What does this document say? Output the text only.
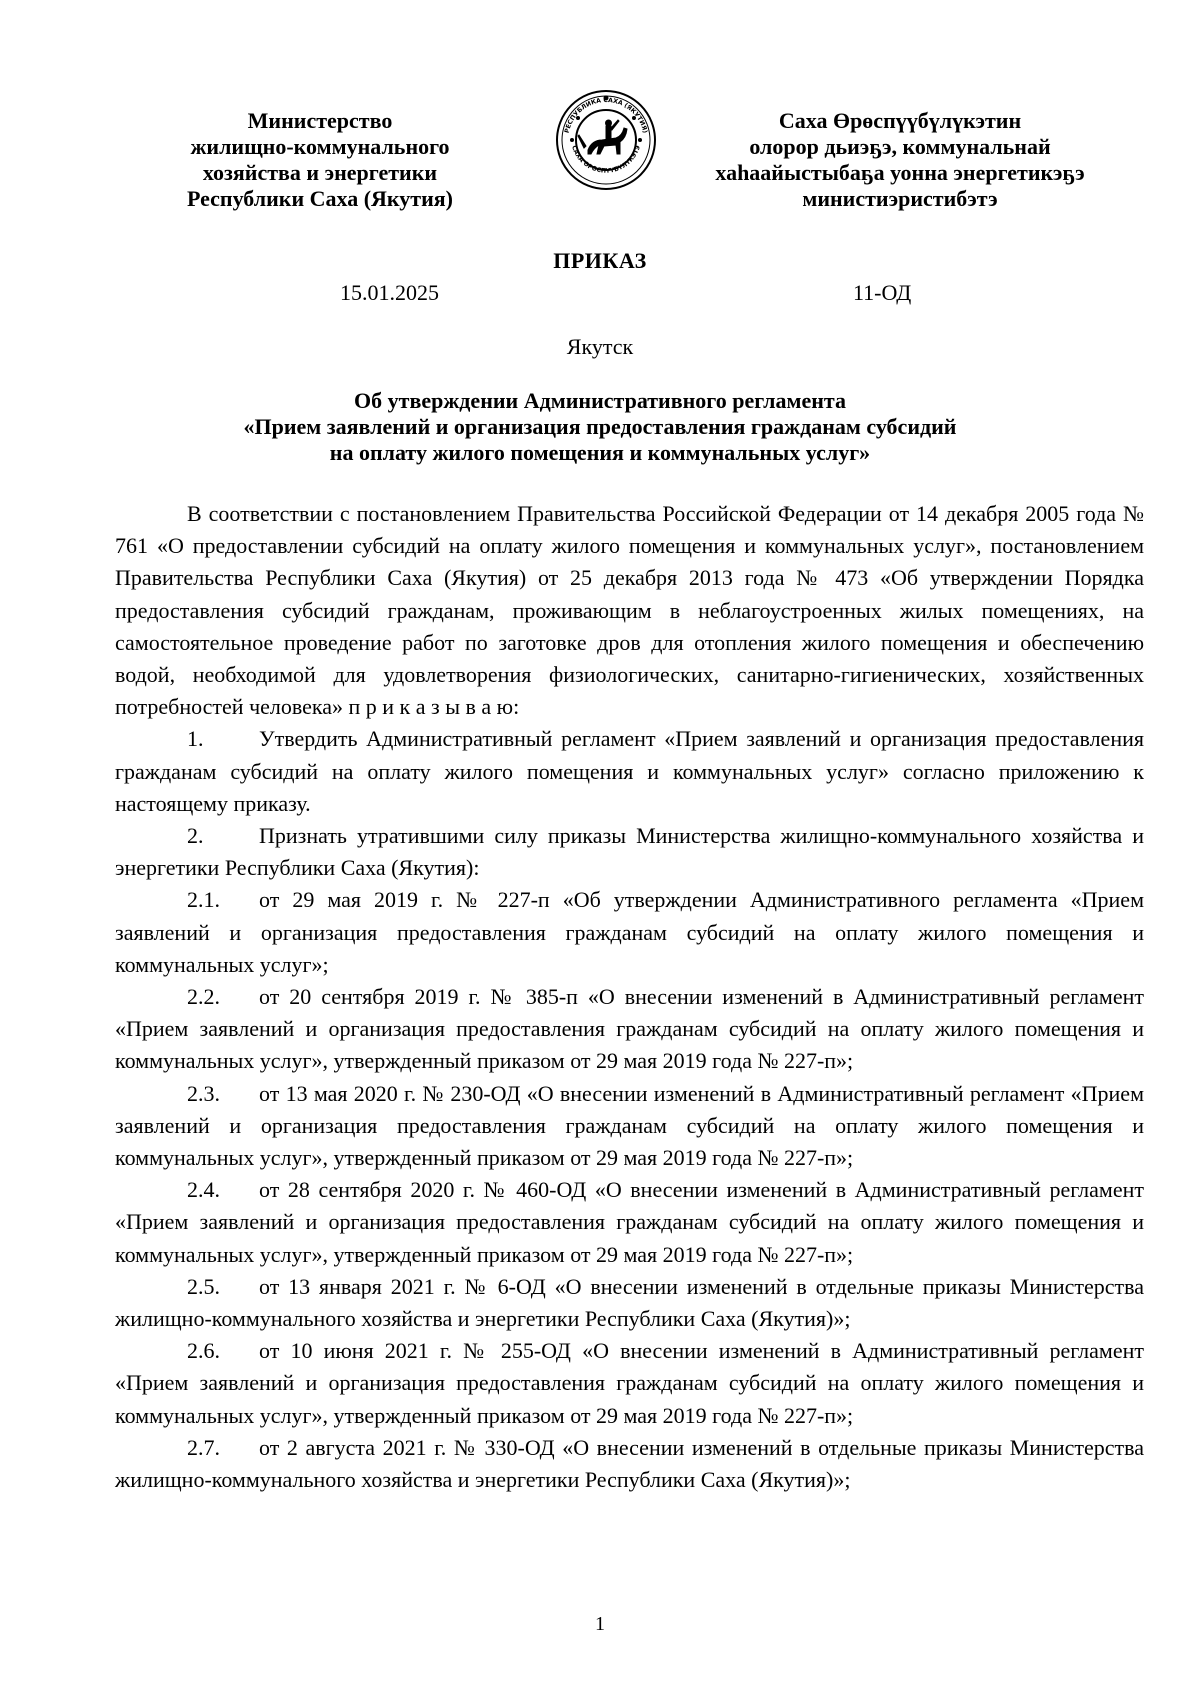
Министерство
жилищно-коммунального
хозяйства и энергетики
Республики Саха (Якутия)
РЕСПУБЛИКА САХА (ЯКУТИЯ)
САХА ӨРӨСПҮҮБҮЛҮКЭТЭ
Саха Өрөспүүбүлүкэтин
олорор дьиэҕэ, коммунальнай
хаһаайыстыбаҕа уонна энергетикэҕэ
министиэристибэтэ
ПРИКАЗ
15.01.2025	11-ОД
Якутск
Об утверждении Административного регламента
«Прием заявлений и организация предоставления гражданам субсидий
на оплату жилого помещения и коммунальных услуг»

В соответствии с постановлением Правительства Российской Федерации от 14 декабря 2005 года № 761 «О предоставлении субсидий на оплату жилого помещения и коммунальных услуг», постановлением Правительства Республики Саха (Якутия) от 25 декабря 2013 года № 473 «Об утверждении Порядка предоставления субсидий гражданам, проживающим в неблагоустроенных жилых помещениях, на самостоятельное проведение работ по заготовке дров для отопления жилого помещения и обеспечению водой, необходимой для удовлетворения физиологических, санитарно-гигиенических, хозяйственных потребностей человека» п р и к а з ы в а ю:

1.	Утвердить Административный регламент «Прием заявлений и организация предоставления гражданам субсидий на оплату жилого помещения и коммунальных услуг» согласно приложению к настоящему приказу.

2.	Признать утратившими силу приказы Министерства жилищно-коммунального хозяйства и энергетики Республики Саха (Якутия):

2.1. от 29 мая 2019 г. № 227-п «Об утверждении Административного регламента «Прием заявлений и организация предоставления гражданам субсидий на оплату жилого помещения и коммунальных услуг»;

2.2. от 20 сентября 2019 г. № 385-п «О внесении изменений в Административный регламент «Прием заявлений и организация предоставления гражданам субсидий на оплату жилого помещения и коммунальных услуг», утвержденный приказом от 29 мая 2019 года № 227-п»;

2.3. от 13 мая 2020 г. № 230-ОД «О внесении изменений в Административный регламент «Прием заявлений и организация предоставления гражданам субсидий на оплату жилого помещения и коммунальных услуг», утвержденный приказом от 29 мая 2019 года № 227-п»;

2.4. от 28 сентября 2020 г. № 460-ОД «О внесении изменений в Административный регламент «Прием заявлений и организация предоставления гражданам субсидий на оплату жилого помещения и коммунальных услуг», утвержденный приказом от 29 мая 2019 года № 227-п»;

2.5. от 13 января 2021 г. № 6-ОД «О внесении изменений в отдельные приказы Министерства жилищно-коммунального хозяйства и энергетики Республики Саха (Якутия)»;

2.6. от 10 июня 2021 г. № 255-ОД «О внесении изменений в Административный регламент «Прием заявлений и организация предоставления гражданам субсидий на оплату жилого помещения и коммунальных услуг», утвержденный приказом от 29 мая 2019 года № 227-п»;

2.7. от 2 августа 2021 г. № 330-ОД «О внесении изменений в отдельные приказы Министерства жилищно-коммунального хозяйства и энергетики Республики Саха (Якутия)»;

1
